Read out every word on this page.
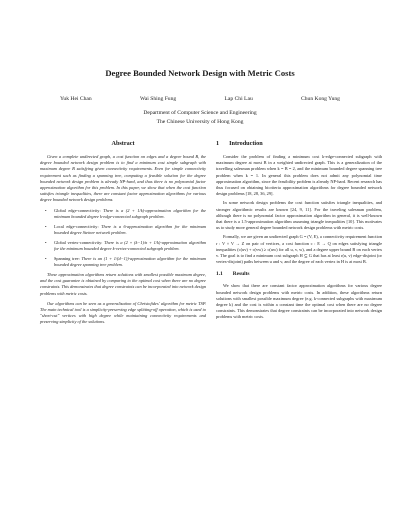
Degree Bounded Network Design with Metric Costs
Yuk Hei Chan	Wai Shing Fung	Lap Chi Lau	Chun Kong Yung
Department of Computer Science and Engineering
The Chinese University of Hong Kong
Abstract

Given a complete undirected graph, a cost function on edges and a degree bound B, the degree bounded network design problem is to find a minimum cost simple subgraph with maximum degree B satisfying given connectivity requirements. Even for simple connectivity requirement such as finding a spanning tree, computing a feasible solution for the degree bounded network design problem is already NP-hard, and thus there is no polynomial factor approximation algorithm for this problem. In this paper, we show that when the cost function satisfies triangle inequalities, there are constant factor approximation algorithms for various degree bounded network design problems.

• Global edge-connectivity: There is a (2 + 1/k)-approximation algorithm for the minimum bounded degree k-edge-connected subgraph problem.
• Local edge-connectivity: There is a 6-approximation algorithm for the minimum bounded degree Steiner network problem.
• Global vertex-connectivity: There is a (2 + (k−1)/n + 1/k)-approximation algorithm for the minimum bounded degree k-vertex-connected subgraph problem.
• Spanning tree: There is an (1 + 1/(d−1))-approximation algorithm for the minimum bounded degree spanning tree problem.

These approximation algorithms return solutions with smallest possible maximum degree, and the cost guarantee is obtained by comparing to the optimal cost when there are no degree constraints. This demonstrates that degree constraints can be incorporated into network design problems with metric costs.

Our algorithms can be seen as a generalization of Christofides' algorithm for metric TSP. The main technical tool is a simplicity-preserving edge splitting-off operation, which is used to "short-cut" vertices with high degree while maintaining connectivity requirements and preserving simplicity of the solutions.

1 Introduction

Consider the problem of finding a minimum cost k-edge-connected subgraph with maximum degree at most B in a weighted undirected graph. This is a generalization of the travelling salesman problem when k = B = 2, and the minimum bounded degree spanning tree problem when k = 1. In general this problem does not admit any polynomial time approximation algorithm, since the feasibility problem is already NP-hard. Recent research has thus focused on obtaining bicriteria approximation algorithms for degree bounded network design problems [18, 28, 36, 29].

In some network design problems the cost function satisfies triangle inequalities, and stronger algorithmic results are known [24, 9, 11]. For the traveling salesman problem, although there is no polynomial factor approximation algorithm in general, it is well-known that there is a 1.5-approximation algorithm assuming triangle inequalities [10]. This motivates us to study more general degree bounded network design problems with metric costs.

Formally, we are given an undirected graph G = (V, E), a connectivity requirement function r : V × V → Z on pair of vertices, a cost function c : E → Q on edges satisfying triangle inequalities (c(uv) + c(vw) ≥ c(uw) for all u, v, w), and a degree upper bound B on each vertex v. The goal is to find a minimum cost subgraph H ⊆ G that has at least r(u, v) edge-disjoint (or vertex-disjoint) paths between u and v, and the degree of each vertex in H is at most B.

1.1 Results

We show that there are constant factor approximation algorithms for various degree bounded network design problems with metric costs. In addition, these algorithms return solutions with smallest possible maximum degree (e.g. k-connected subgraphs with maximum degree k) and the cost is within a constant time the optimal cost when there are no degree constraints. This demonstrates that degree constraints can be incorporated into network design problems with metric costs.
